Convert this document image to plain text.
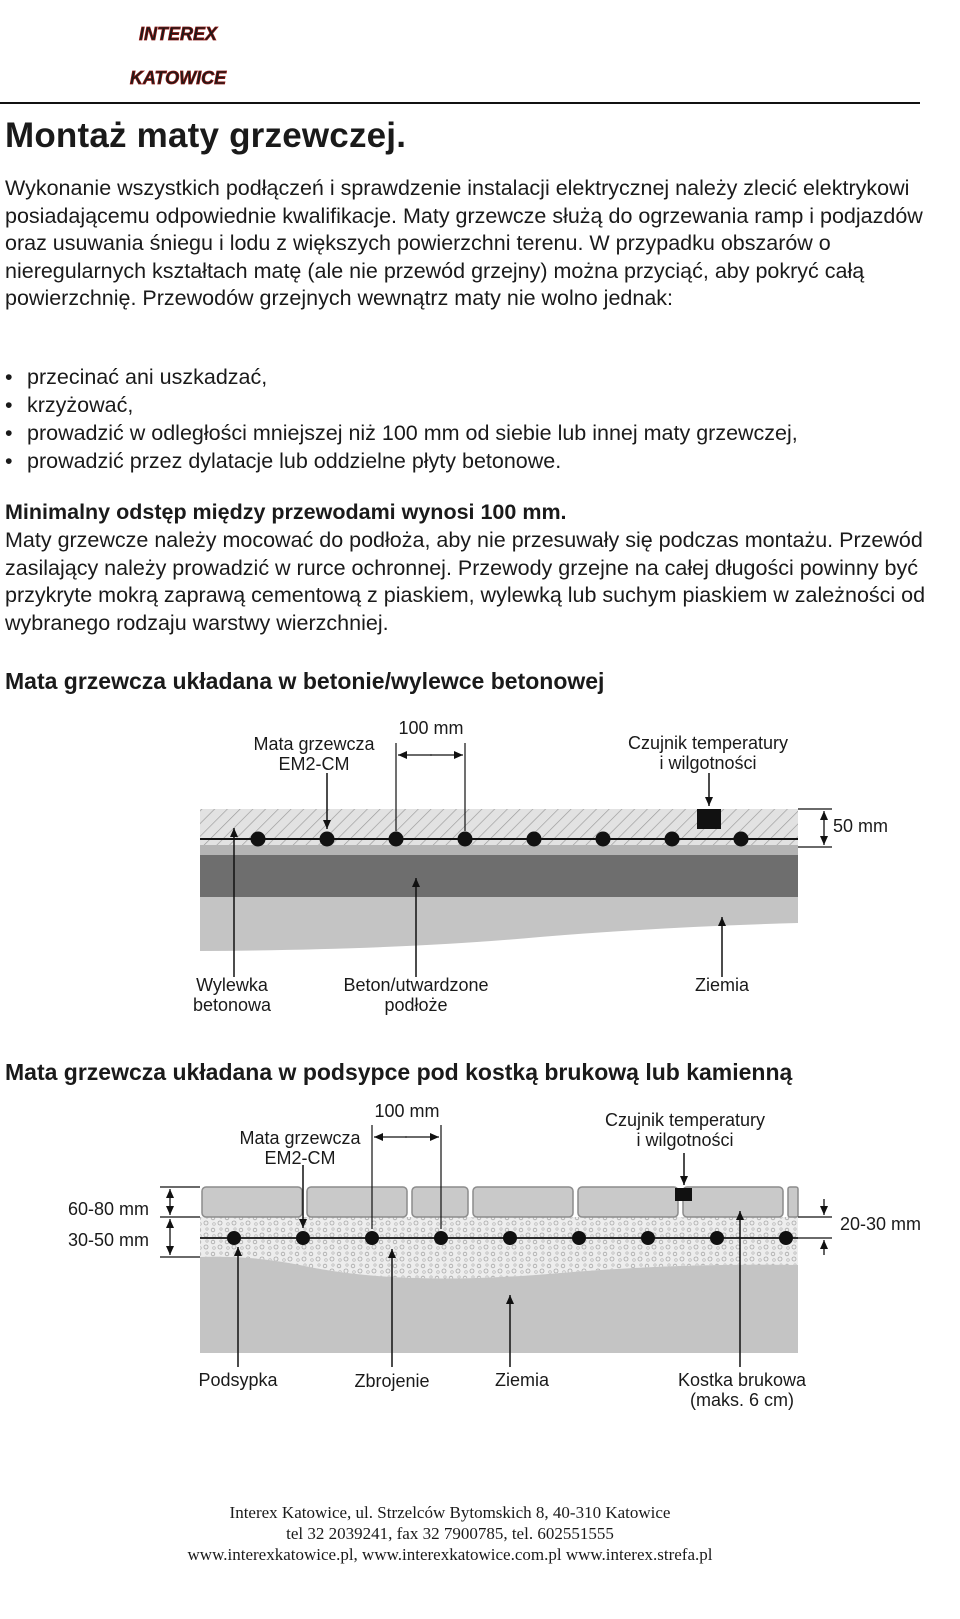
INTEREX
KATOWICE
Montaż maty grzewczej.

Wykonanie wszystkich podłączeń i sprawdzenie instalacji elektrycznej należy zlecić elektrykowi posiadającemu odpowiednie kwalifikacje. Maty grzewcze służą do ogrzewania ramp i podjazdów oraz usuwania śniegu i lodu z większych powierzchni terenu. W przypadku obszarów o nieregularnych kształtach matę (ale nie przewód grzejny) można przyciąć, aby pokryć całą powierzchnię. Przewodów grzejnych wewnątrz maty nie wolno jednak:

• przecinać ani uszkadzać,
• krzyżować,
• prowadzić w odległości mniejszej niż 100 mm od siebie lub innej maty grzewczej,
• prowadzić przez dylatacje lub oddzielne płyty betonowe.

Minimalny odstęp między przewodami wynosi 100 mm.

Maty grzewcze należy mocować do podłoża, aby nie przesuwały się podczas montażu. Przewód zasilający należy prowadzić w rurce ochronnej. Przewody grzejne na całej długości powinny być przykryte mokrą zaprawą cementową z piaskiem, wylewką lub suchym piaskiem w zależności od wybranego rodzaju warstwy wierzchniej.

Mata grzewcza układana w betonie/wylewce betonowej
Mata grzewcza
EM2-CM
100 mm
Czujnik temperatury
i wilgotności
50 mm
Wylewka
betonowa
Beton/utwardzone
podłoże
Ziemia
Mata grzewcza układana w podsypce pod kostką brukową lub kamienną
Mata grzewcza
EM2-CM
100 mm	Czujnik temperatury
i wilgotności
60-80 mm
30-50 mm
20-30 mm
Podsypka	Zbrojenie	Ziemia	Kostka brukowa
(maks. 6 cm)
Interex Katowice, ul. Strzelców Bytomskich 8, 40-310 Katowice
tel 32 2039241, fax 32 7900785, tel. 602551555
www.interexkatowice.pl, www.interexkatowice.com.pl www.interex.strefa.pl
